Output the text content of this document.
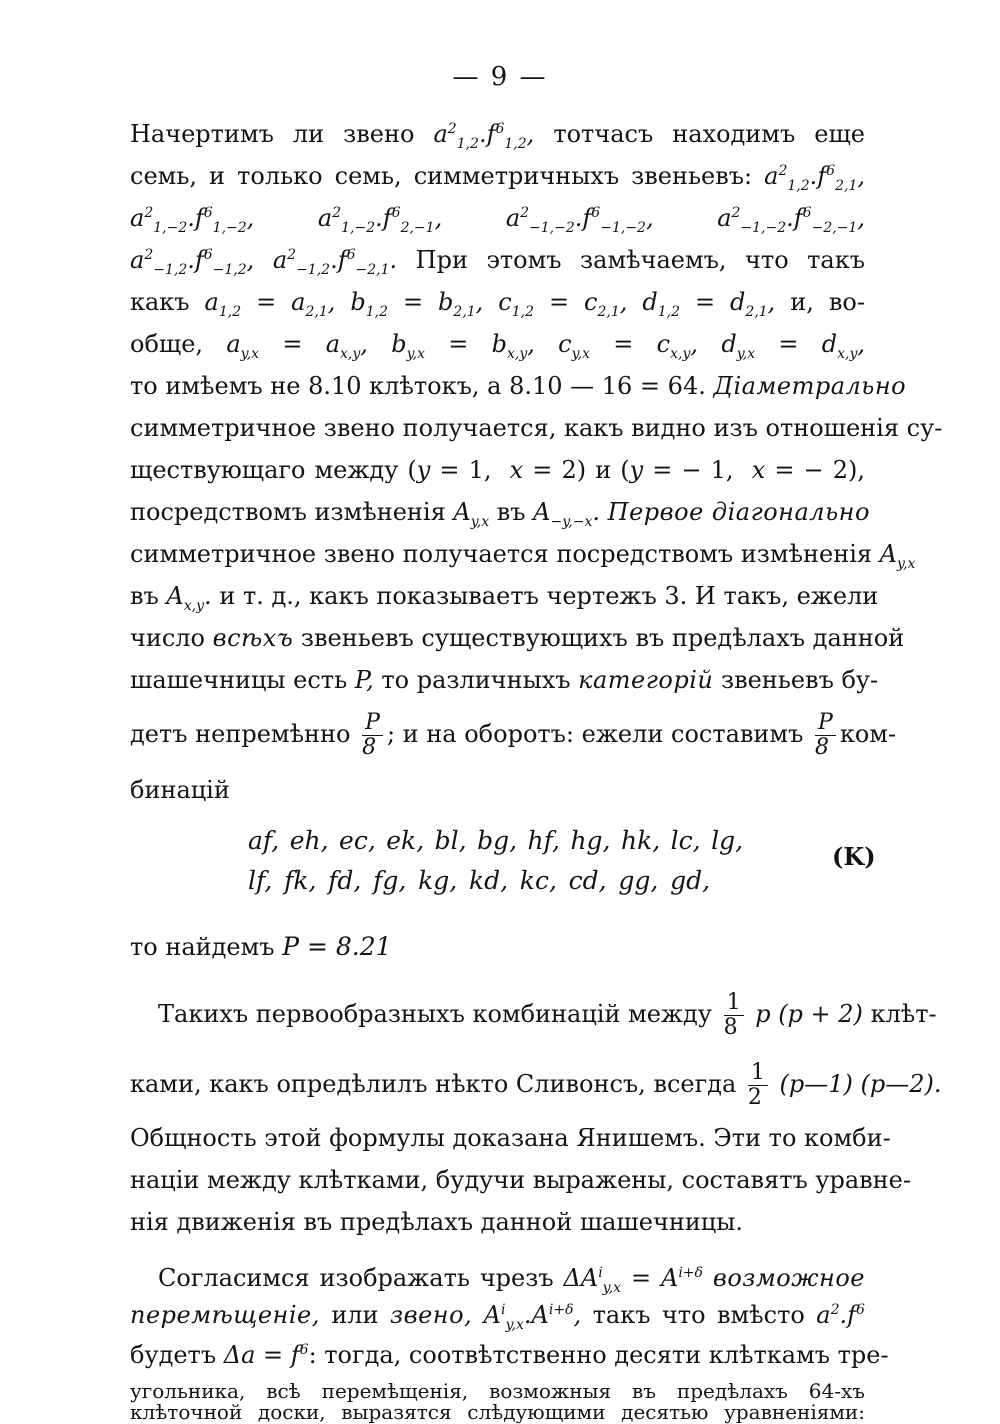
— 9 —
Начертимъ ли звено $a^2_{1,2}.f^6_{1,2}$, тотчасъ находимъ еще
семь, и только семь, симметричныхъ звеньевъ: $a^2_{1,2}.f^6_{2,1}$,
$a^2_{1,-2}.f^6_{1,-2}$,	$a^2_{1,-2}.f^6_{2,-1}$,	$a^2_{-1,-2}.f^6_{-1,-2}$,	$a^2_{-1,-2}.f^6_{-2,-1}$,
$a^2_{-1,2}.f^6_{-1,2}$, $a^2_{-1,2}.f^6_{-2,1}$. При этомъ замѣчаемъ, что такъ
какъ $a_{1,2} = a_{2,1}$, $b_{1,2} = b_{2,1}$, $c_{1,2} = c_{2,1}$, $d_{1,2} = d_{2,1}$, и, во-
обще, $a_{y,x} = a_{x,y}$, $b_{y,x} = b_{x,y}$, $c_{y,x} = c_{x,y}$, $d_{y,x} = d_{x,y}$,
то имѣемъ не 8.10 клѣтокъ, а 8.10 — 16 = 64. Діаметрально
симметричное звено получается, какъ видно изъ отношенія су-
ществующаго между (y = 1,  x = 2) и (y = − 1,  x = − 2),
посредствомъ измѣненія $A_{y,x}$ въ $A_{-y,-x}$. Первое діагонально
симметричное звено получается посредствомъ измѣненія $A_{y,x}$
въ $A_{x,y}$. и т. д., какъ показываетъ чертежъ 3. И такъ, ежели
число всѣхъ звеньевъ существующихъ въ предѣлахъ данной
шашечницы есть P, то различныхъ категорій звеньевъ бу-
детъ непремѣнно $\frac{P}{8}$ ; и на оборотъ: ежели составимъ $\frac{P}{8} ком-$
бинацій
af, eh, ec, ek, bl, bg, hf, hg, hk, lc, lg,
lf, fk, fd, fg, kg, kd, kc, cd, gg, gd,
(K)
то найдемъ P = 8.21
Такихъ первообразныхъ комбинацій между $\frac{1}{8}$ p (p + 2) клѣт-
ками, какъ опредѣлилъ нѣкто Сливонсъ, всегда $\frac{1}{2}$ (p—1) (p—2).
Общность этой формулы доказана Янишемъ. Эти то комби-
націи между клѣтками, будучи выражены, составятъ уравне-
нія движенія въ предѣлахъ данной шашечницы.
Согласимся изображать чрезъ $\Delta A^i_{y,x} = A^{i+\delta}$ возможное
перемѣщеніе, или звено, $A^i_{y,x}.A^{i+\delta}$, такъ что вмѣсто $a^2.f^6$
будетъ $\Delta a = f^6$: тогда, соотвѣтственно десяти клѣткамъ тре-
угольника, всѣ перемѣщенія, возможныя въ предѣлахъ 64-хъ
клѣточной доски, выразятся слѣдующими десятью уравненіями:
